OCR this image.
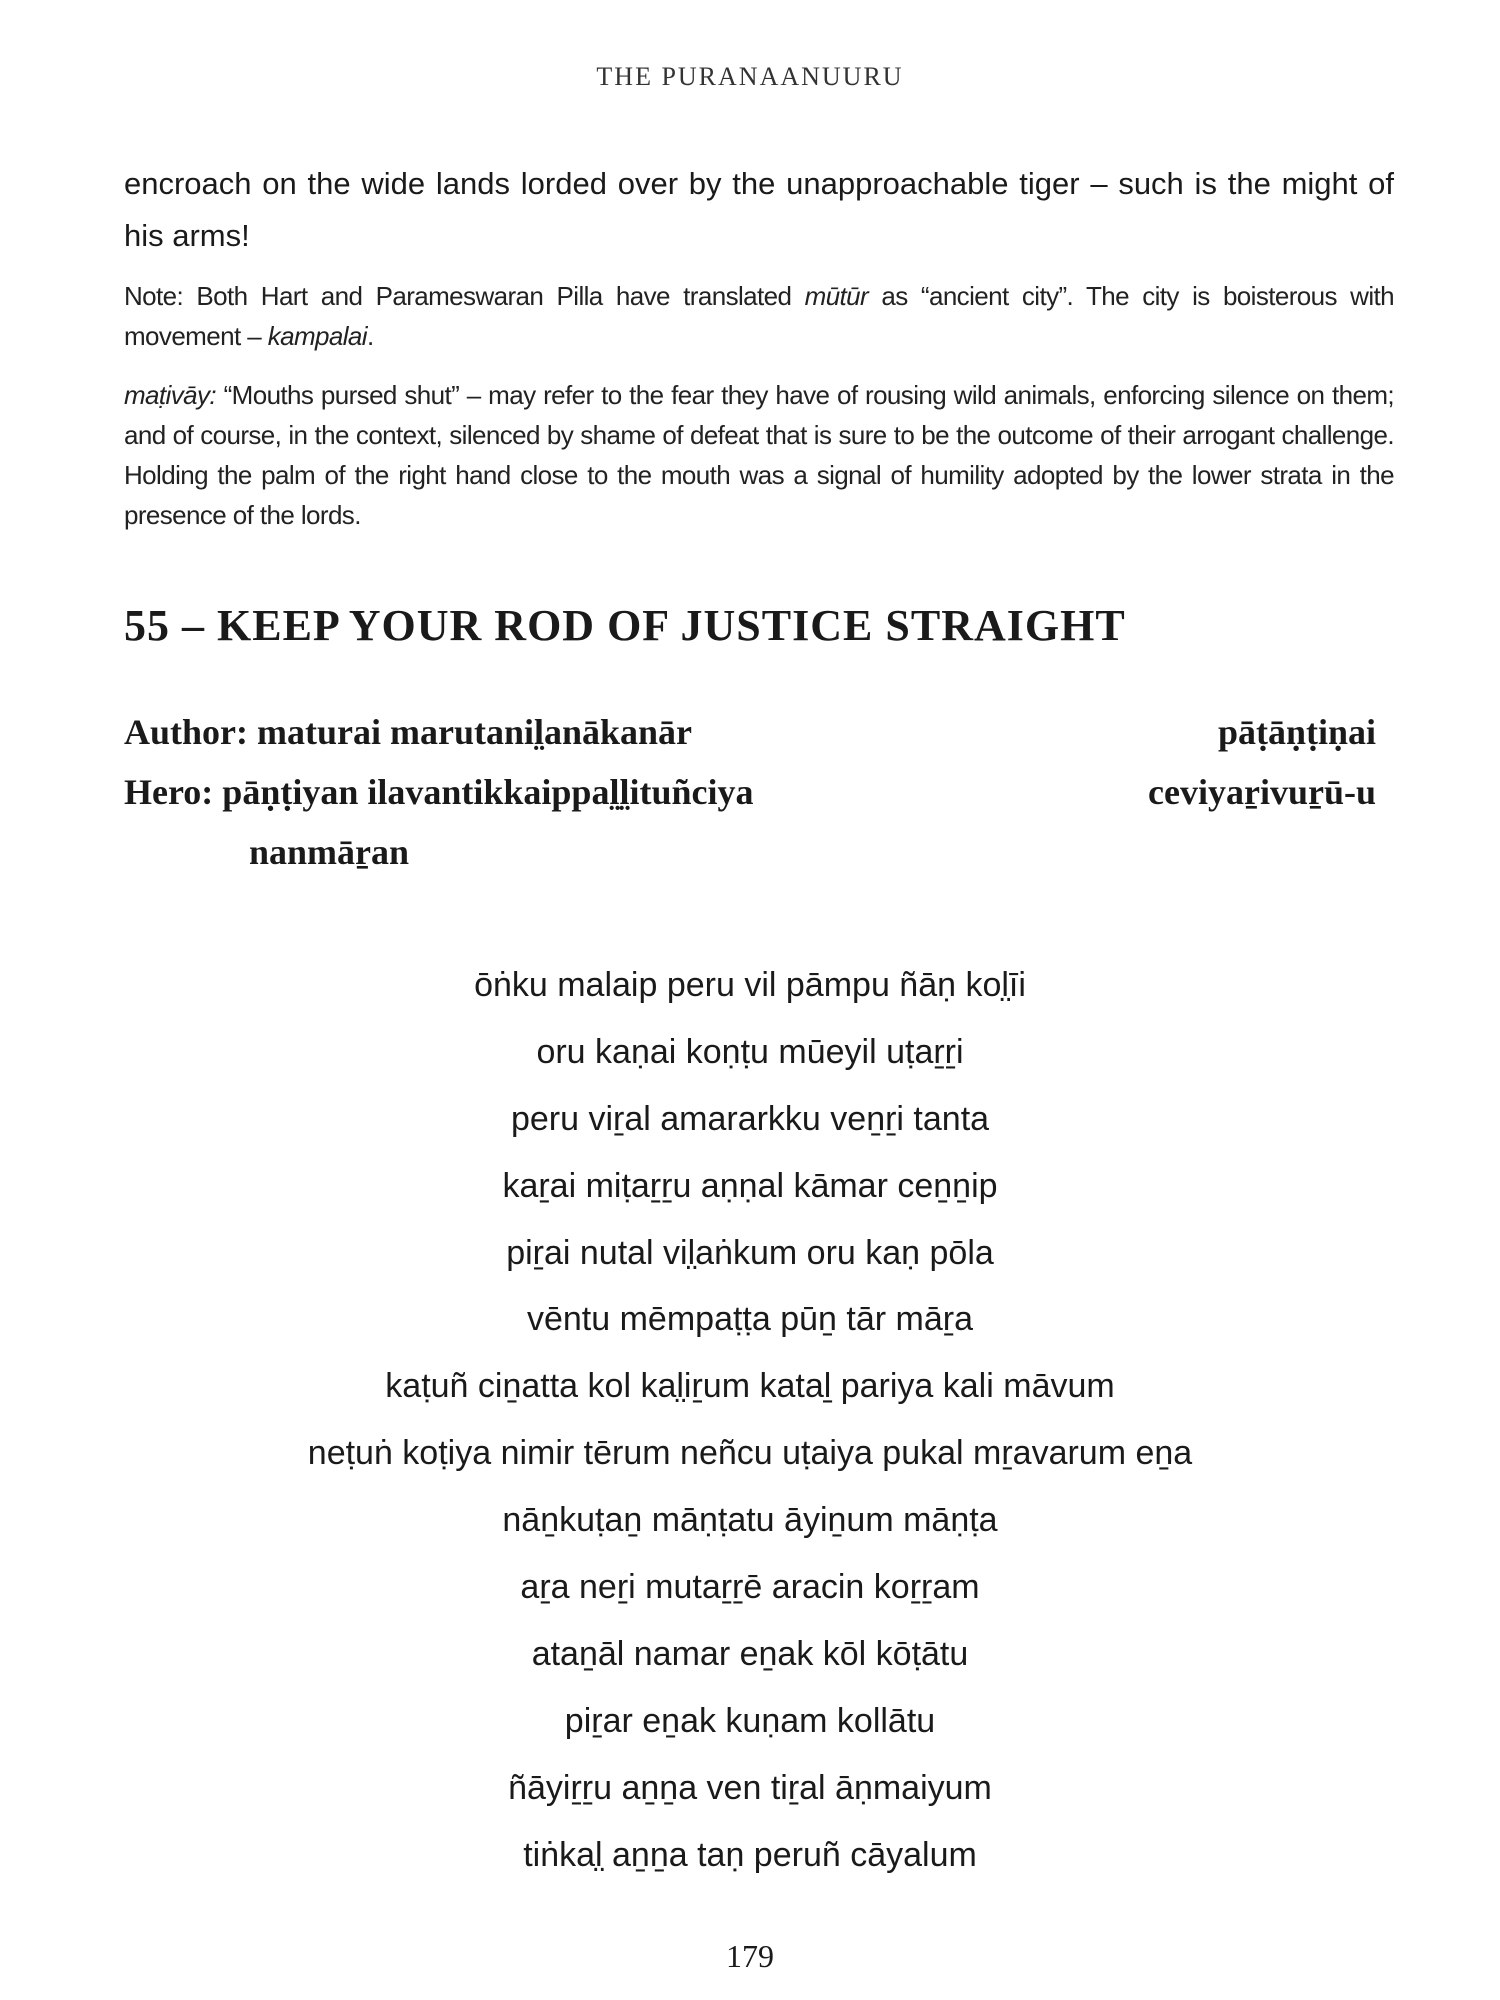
THE PURANAANUURU
encroach on the wide lands lorded over by the unapproachable tiger – such is the might of his arms!
Note: Both Hart and Parameswaran Pilla have translated mūtūr as “ancient city”. The city is boisterous with movement – kampalai.
maṭivāy: “Mouths pursed shut” – may refer to the fear they have of rousing wild animals, enforcing silence on them; and of course, in the context, silenced by shame of defeat that is sure to be the outcome of their arrogant challenge. Holding the palm of the right hand close to the mouth was a signal of humility adopted by the lower strata in the presence of the lords.
55 – KEEP YOUR ROD OF JUSTICE STRAIGHT
Author: maturai marutanil̤anākanār	pāṭāṇṭiṇai
Hero: pāṇṭiyan ilavantikkaippal̤l̤ituñciya	ceviyaṟivuṟū-u
nanmāṟan
ōṅku malaip peru vil pāmpu ñāṇ kol̤īi
oru kaṇai koṇṭu mūeyil uṭaṟṟi
peru viṟal amararkku veṉṟi tanta
kaṟai miṭaṟṟu aṇṇal kāmar ceṉṉip
piṟai nutal vil̤aṅkum oru kaṇ pōla
vēntu mēmpaṭṭa pūṉ tār māṟa
kaṭuñ ciṉatta kol kal̤iṟum kataḻ pariya kali māvum
neṭuṅ koṭiya nimir tērum neñcu uṭaiya pukal mṟavarum eṉa
nāṉkuṭaṉ māṇṭatu āyiṉum māṇṭa
aṟa neṟi mutaṟṟē aracin koṟṟam
ataṉāl namar eṉak kōl kōṭātu
piṟar eṉak kuṇam kollātu
ñāyiṟṟu aṉṉa ven tiṟal āṇmaiyum
tiṅkal̤ aṉṉa taṇ peruñ cāyalum
179
